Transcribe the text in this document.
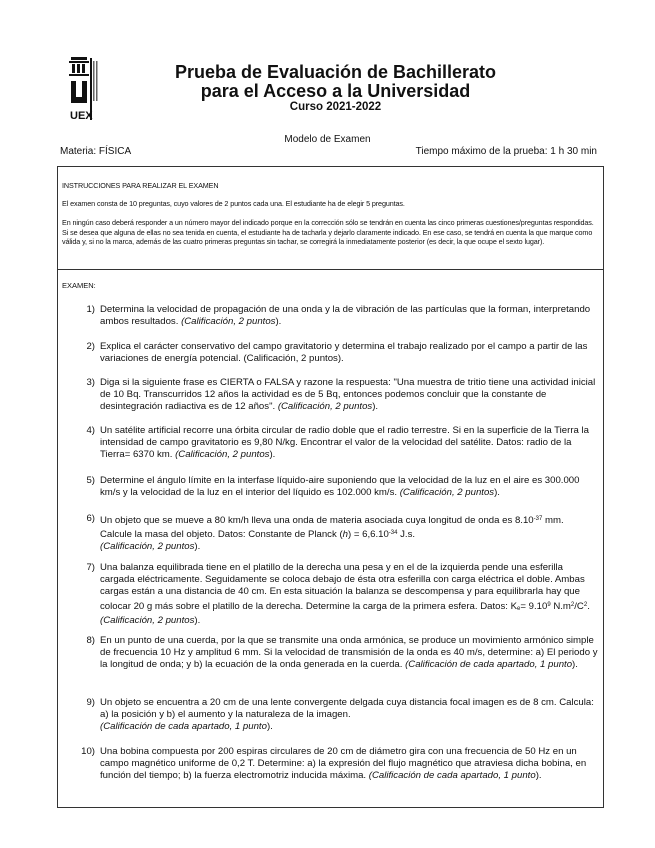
UEX
Prueba de Evaluación de Bachillerato
para el Acceso a la Universidad
Curso 2021-2022
Modelo de Examen
Materia: FÍSICA	Tiempo máximo de la prueba: 1 h 30 min
INSTRUCCIONES PARA REALIZAR EL EXAMEN
El examen consta de 10 preguntas, cuyo valores de 2 puntos cada una. El estudiante ha de elegir 5 preguntas.
En ningún caso deberá responder a un número mayor del indicado porque en la corrección sólo se tendrán en cuenta las cinco primeras cuestiones/preguntas respondidas. Si se desea que alguna de ellas no sea tenida en cuenta, el estudiante ha de tacharla y dejarlo claramente indicado. En ese caso, se tendrá en cuenta la que marque como válida y, si no la marca, además de las cuatro primeras preguntas sin tachar, se corregirá la inmediatamente posterior (es decir, la que ocupe el sexto lugar).
EXAMEN:
1) Determina la velocidad de propagación de una onda y la de vibración de las partículas que la forman, interpretando ambos resultados. (Calificación, 2 puntos).
2) Explica el carácter conservativo del campo gravitatorio y determina el trabajo realizado por el campo a partir de las variaciones de energía potencial. (Calificación, 2 puntos).
3) Diga si la siguiente frase es CIERTA o FALSA y razone la respuesta: "Una muestra de tritio tiene una actividad inicial de 10 Bq. Transcurridos 12 años la actividad es de 5 Bq, entonces podemos concluir que la constante de desintegración radiactiva es de 12 años". (Calificación, 2 puntos).
4) Un satélite artificial recorre una órbita circular de radio doble que el radio terrestre. Si en la superficie de la Tierra la intensidad de campo gravitatorio es 9,80 N/kg. Encontrar el valor de la velocidad del satélite. Datos: radio de la Tierra= 6370 km. (Calificación, 2 puntos).
5) Determine el ángulo límite en la interfase líquido-aire suponiendo que la velocidad de la luz en el aire es 300.000 km/s y la velocidad de la luz en el interior del líquido es 102.000 km/s. (Calificación, 2 puntos).
6) Un objeto que se mueve a 80 km/h lleva una onda de materia asociada cuya longitud de onda es $8.10^{-37}$ mm. Calcule la masa del objeto. Datos: Constante de Planck $(h) = 6,6.10^{-34}$ J.s.
(Calificación, 2 puntos).
7) Una balanza equilibrada tiene en el platillo de la derecha una pesa y en el de la izquierda pende una esferilla cargada eléctricamente. Seguidamente se coloca debajo de ésta otra esferilla con carga eléctrica el doble. Ambas cargas están a una distancia de 40 cm. En esta situación la balanza se descompensa y para equilibrarla hay que colocar 20 g más sobre el platillo de la derecha. Determine la carga de la primera esfera. Datos: $K_e= 9.10^9$ $N.m^2/C^2.(Calificación$, 2 puntos).
8) En un punto de una cuerda, por la que se transmite una onda armónica, se produce un movimiento armónico simple de frecuencia 10 Hz y amplitud 6 mm. Si la velocidad de transmisión de la onda es 40 m/s, determine: a) El periodo y la longitud de onda; y b) la ecuación de la onda generada en la cuerda. (Calificación de cada apartado, 1 punto).
9) Un objeto se encuentra a 20 cm de una lente convergente delgada cuya distancia focal imagen es de 8 cm. Calcula: a) la posición y b) el aumento y la naturaleza de la imagen.
(Calificación de cada apartado, 1 punto).
10) Una bobina compuesta por 200 espiras circulares de 20 cm de diámetro gira con una frecuencia de 50 Hz en un campo magnético uniforme de 0,2 T. Determine: a) la expresión del flujo magnético que atraviesa dicha bobina, en función del tiempo; b) la fuerza electromotriz inducida máxima. (Calificación de cada apartado, 1 punto).
